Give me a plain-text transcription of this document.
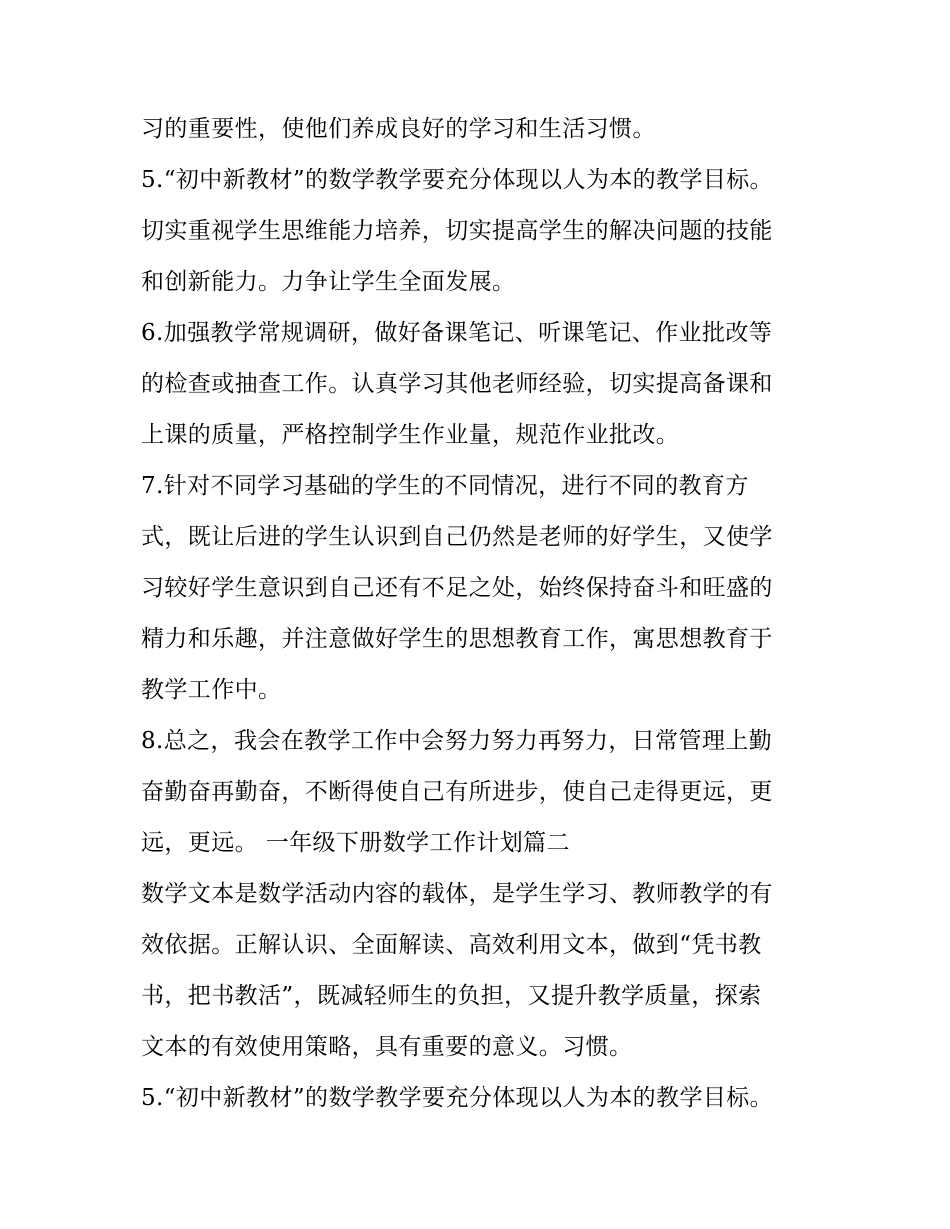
习的重要性，使他们养成良好的学习和生活习惯。
5.“初中新教材”的数学教学要充分体现以人为本的教学目标。
切实重视学生思维能力培养，切实提高学生的解决问题的技能
和创新能力。力争让学生全面发展。
6.加强教学常规调研，做好备课笔记、听课笔记、作业批改等
的检查或抽查工作。认真学习其他老师经验，切实提高备课和
上课的质量，严格控制学生作业量，规范作业批改。
7.针对不同学习基础的学生的不同情况，进行不同的教育方
式，既让后进的学生认识到自己仍然是老师的好学生，又使学
习较好学生意识到自己还有不足之处，始终保持奋斗和旺盛的
精力和乐趣，并注意做好学生的思想教育工作，寓思想教育于
教学工作中。
8.总之，我会在教学工作中会努力努力再努力，日常管理上勤
奋勤奋再勤奋，不断得使自己有所进步，使自己走得更远，更
远，更远。 一年级下册数学工作计划篇二
数学文本是数学活动内容的载体，是学生学习、教师教学的有
效依据。正解认识、全面解读、高效利用文本，做到“凭书教
书，把书教活”，既减轻师生的负担，又提升教学质量，探索
文本的有效使用策略，具有重要的意义。习惯。
5.“初中新教材”的数学教学要充分体现以人为本的教学目标。
